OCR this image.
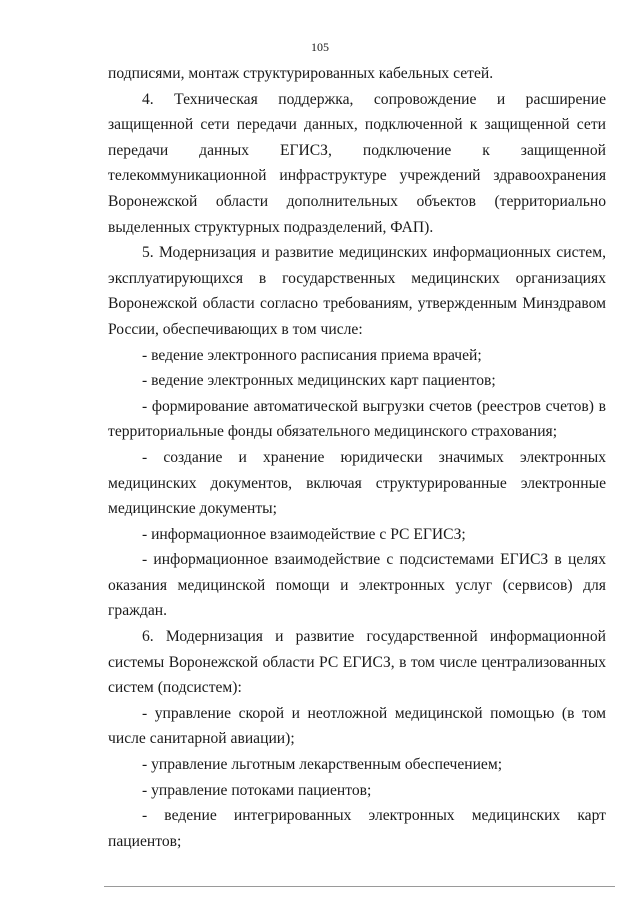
105

подписями, монтаж структурированных кабельных сетей.

4. Техническая поддержка, сопровождение и расширение защищенной сети передачи данных, подключенной к защищенной сети передачи данных ЕГИСЗ, подключение к защищенной телекоммуникационной инфраструктуре учреждений здравоохранения Воронежской области дополнительных объектов (территориально выделенных структурных подразделений, ФАП).

5. Модернизация и развитие медицинских информационных систем, эксплуатирующихся в государственных медицинских организациях Воронежской области согласно требованиям, утвержденным Минздравом России, обеспечивающих в том числе:

- ведение электронного расписания приема врачей;

- ведение электронных медицинских карт пациентов;

- формирование автоматической выгрузки счетов (реестров счетов) в территориальные фонды обязательного медицинского страхования;

- создание и хранение юридически значимых электронных медицинских документов, включая структурированные электронные медицинские документы;

- информационное взаимодействие с РС ЕГИСЗ;

- информационное взаимодействие с подсистемами ЕГИСЗ в целях оказания медицинской помощи и электронных услуг (сервисов) для граждан.

6. Модернизация и развитие государственной информационной системы Воронежской области РС ЕГИСЗ, в том числе централизованных систем (подсистем):

- управление скорой и неотложной медицинской помощью (в том числе санитарной авиации);

- управление льготным лекарственным обеспечением;

- управление потоками пациентов;

- ведение интегрированных электронных медицинских карт пациентов;
